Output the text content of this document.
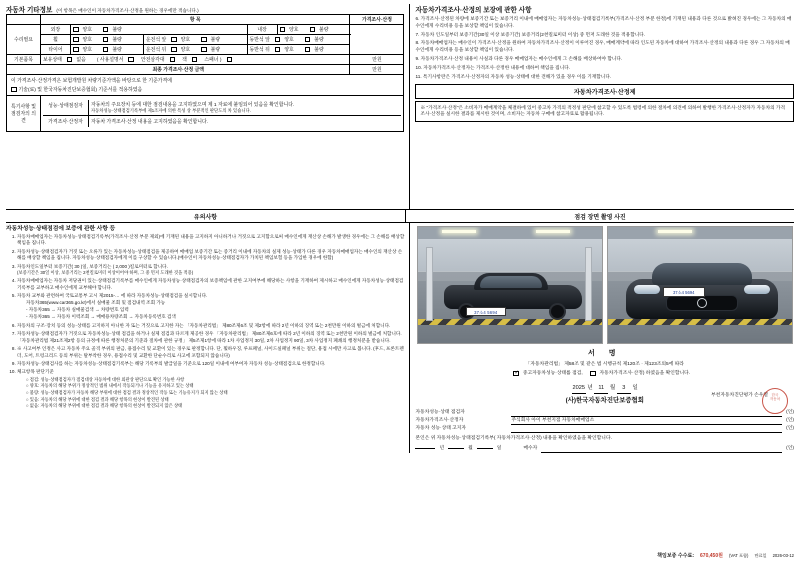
자동차 기타정보 (이 항목은 매수인이 자동차가격조사·산정을 원하는 경우에만 적습니다.)
	항 목					가격조사·산정
수리필요	외장	양호 불량		내장	양호 불량	

	휠	양호 불량	운전석 앞 양호 불량	동반석 앞 양호 불량		

	타이어	양호 불량	운전석 뒤 양호 불량	동반석 뒤 양호 불량		

기본품목	보유상태	없음 ( 사용설명서	안전삼각대	잭	스패너 )	만원
최종 가격조사·산정 금액						만원

이 가격조사·산정가격은 보험개발원 차량기준가액을 바탕으로 한 기준가격에
기술(료) 및 한국자동차진단보증협회) 기준서를 적용하였음						

특기사항 및
점검자의 의견	
성능·상태점검자	자동차의 주요장치 등에 대한 점검내용을 고지하였으며 제 1 자료에 붙임되어 있음을 확인합니다.
자동차성능·상태점검기록부에 제1조자에 의한 특성 상 부분적인 판단도의 차 있습니다.
가격조사·산정자	자동차 가격조사·산정 내용을 고지하였음을 확인합니다.
자동차가격조사·산정의 보장에 관한 사항
6. 가격조사·산정된 차량에 보증기간 또는 보증거리 이내에 매매업자는 자동차성능·상태점검기록부(가격조사·산정 부분 한정)에 기재된 내용과 다른 것으로 밝혀진 경우에는 그 자동차의 매수인에게 수리비용 등을 보상할 책임이 있습니다.
7. 자동차 인도일부터 보증기간(30일 이상 보증기간) 보증거리(2천킬로미터 이상) 중 먼저 도래한 것을 적용합니다.
8. 자동차매매업자는 매수인이 가격조사·산정을 원하여 자동차가격조사·산정이 이루어진 경우, 매매계약에 따라 인도된 자동차에 대하여 가격조사·산정의 내용과 다른 경우 그 자동차의 매수인에게 수리비용 등을 보상할 책임이 있습니다.
9. 자동차가격조사·산정 내용이 사실과 다른 경우 매매업자는 매수인에게 그 손해를 배상하여야 합니다.
10. 자동차가격조사·산정자는 가격조사·산정한 내용에 대하여 책임을 집니다.
11. 특기사항란은 가격조사·산정자의 자동차 성능·상태에 대한 견해가 있을 경우 이를 기재합니다.
자동차가격조사·산정제
※ "가격조사·산정"은 소비자가 매매계약을 체결하에 있어 중고차 가격의 적정성 판단에 참고할 수 있도록 법령에 의한 절차에 의견에 의하여 발행한 가격조사·산정자가 자동차의 가격조사·산정을 실시한 결과를 제시한 것이며, 소비자는 자동차 구매에 참고자료로 활용됩니다.
유의사항	점검 장면 촬영 사진
자동차성능·상태점검에 보증에 관한 사항 등
1. 자동차매매업자는 자동차성능·상태점검기록부(가격조사·산정 부분 제외)에 기재된 내용을 고지하지 아니하거나 거짓으로 고지함으로써 매수인에게 재산상 손해가 발생한 경우에는 그 손해를 배상할 책임을 집니다.
2. 자동차성능·상태점검자가 거짓 또는 오류가 있는 자동차성능·상태점검을 제공하여 매매업 보증기간 또는 증거리 이내에 자동차의 실제 성능·상태가 다른 경우 자동차매매업자는 매수인의 재산상 손해를 배상할 책임을 집니다. 자동차성능·상태점검자에게 이를 구상할 수 있습니다.(매수인이 자동차성능·상태점검자가 가치된 책임보험 등을 가입한 경우에 한함)
3. 자동차인도일부터 보증기간( 30 )일, 보증거리는 ( 2,000 )킬로미터로 합니다.
(보증기간은 30일 이상, 보증거리는 2천킬로미터 이상이어야 하며, 그 중 먼저 도래한 것을 적용)
4. 자동차매매업자는 자동차 저당권이 있는·상태점검기록부를 매수인에게 자동차성능·상태점검자의 보증책임에 관한 고지여부에 해당하는 사항을 기재하여 제시하고 매수인에게 자동차성능·상태점검기록부를 교부하고 매수인에게 교부해야 합니다.
5. 자동차 교부와 관련하여 국토교통부 고시 제2015-… 에 따라 자동차성능·상태점검을 실시합니다.
자동차365(www.car365.go.kr)에서 실매물 조회 및 점검내역 조회 가능
- 자동차365 → 자동차 실매물검색 → 차량번호 입력
- 자동차365 → 자동차 이력조회 → 매매용차량조회 → 자동차등록번호 검색
6. 자동차의 구조·장치 등의 성능·상태를 고지하지 아니한 자 또는 거짓으로 고지한 자는 「자동차관리법」 제80조제6조 및 제2항에 따라 2년 이하의 징역 또는 2천만원 이하의 벌금에 처합니다.
7. 자동차성능·상태점검자가 거짓으로 자동차성능·상태 점검을 하거나 실제 점검과 다르게 제공한 경우 「자동차관리법」 제80조제6호에 따라 2년 이하의 징역 또는 2천만원 이하의 벌금에 처합니다. 「자동차관리법 제21조제2항 등의 규정에 따른 행정처분의 기준과 절차에 관한 규정」 제5조제1항에 따라 1차 사업정지 30일, 2차 사업정지 90일, 3차 사업정지 폐쇄의 행정처분을 받습니다.
8. ※ 사고여부 인정은 사고 자동차 주요 골격 부위의 판금, 용접수리 및 교환이 있는 경우로 판정합니다. 단, 휠하우징, 루프패널, 사이드실패널 부위는 절단, 용접 시에만 사고로 봅니다. (후드, 프론트펜더, 도어, 트렁크리드 등의 부위는 탈부착한 경우, 용접수리 및 교환한 단순수리로 사고에 포함되지 않습니다)
9. 자동차성능·상태검사를 하는 자동차성능·상태점검기록부는 해당 기록부의 발급일을 기준으로 120일 이내에 여부여자 자동차 성능·상태점검으로 한정합니다.
10. 체크항목 판단기준
○ 점검: 성능·상태점검자가 점검대상 자동차에 대한 외관상 판단으로 확인 가능한 사항
○ 양호: 자동차의 해당 부위가 정상적인 범위 내에서 작동되거나 기능을 유지하고 있는 상태
○ 불량: 성능·상태점검자가 자동차 해당 부위에 대한 점검 결과 정상적인 작동 또는 기능유지가 되지 않는 상태
○ 있음: 자동차의 해당 부위에 대한 점검 결과 해당 항목의 현상이 발견된 상태
○ 없음: 자동차의 해당 부위에 대한 점검 결과 해당 항목의 현상이 발견되지 않은 상태
37소4 5694
37소4 5694
서 명
「자동차관리법」 제58조 및 같은 법 시행규칙 제120조 · 제123조의5에 따라
✓
중고자동차성능·상태를 점검,
	자동차가격조사·산정) 하였음을 확인합니다.
2025 년 11 월 3 일
(사)한국자동차진단보증협회
부천자동차진단평가 손우열 한국
자동차
자동차성능·상태 점검자	(인)
자동차가격조사·산정자	주식회사 아이 부천지점 자동차매매업소	(인)
자동차 성능·상태 고지자	(인)
본인은 위 자동차성능·상태점검기록부( 자동차가격조사·산정) 내용을 확인하였음을 확인합니다.
년	월	일	매수자	(인)
책임보증 수수료: 670,450원 (VAT 포함) 만료일 2026-03-12
